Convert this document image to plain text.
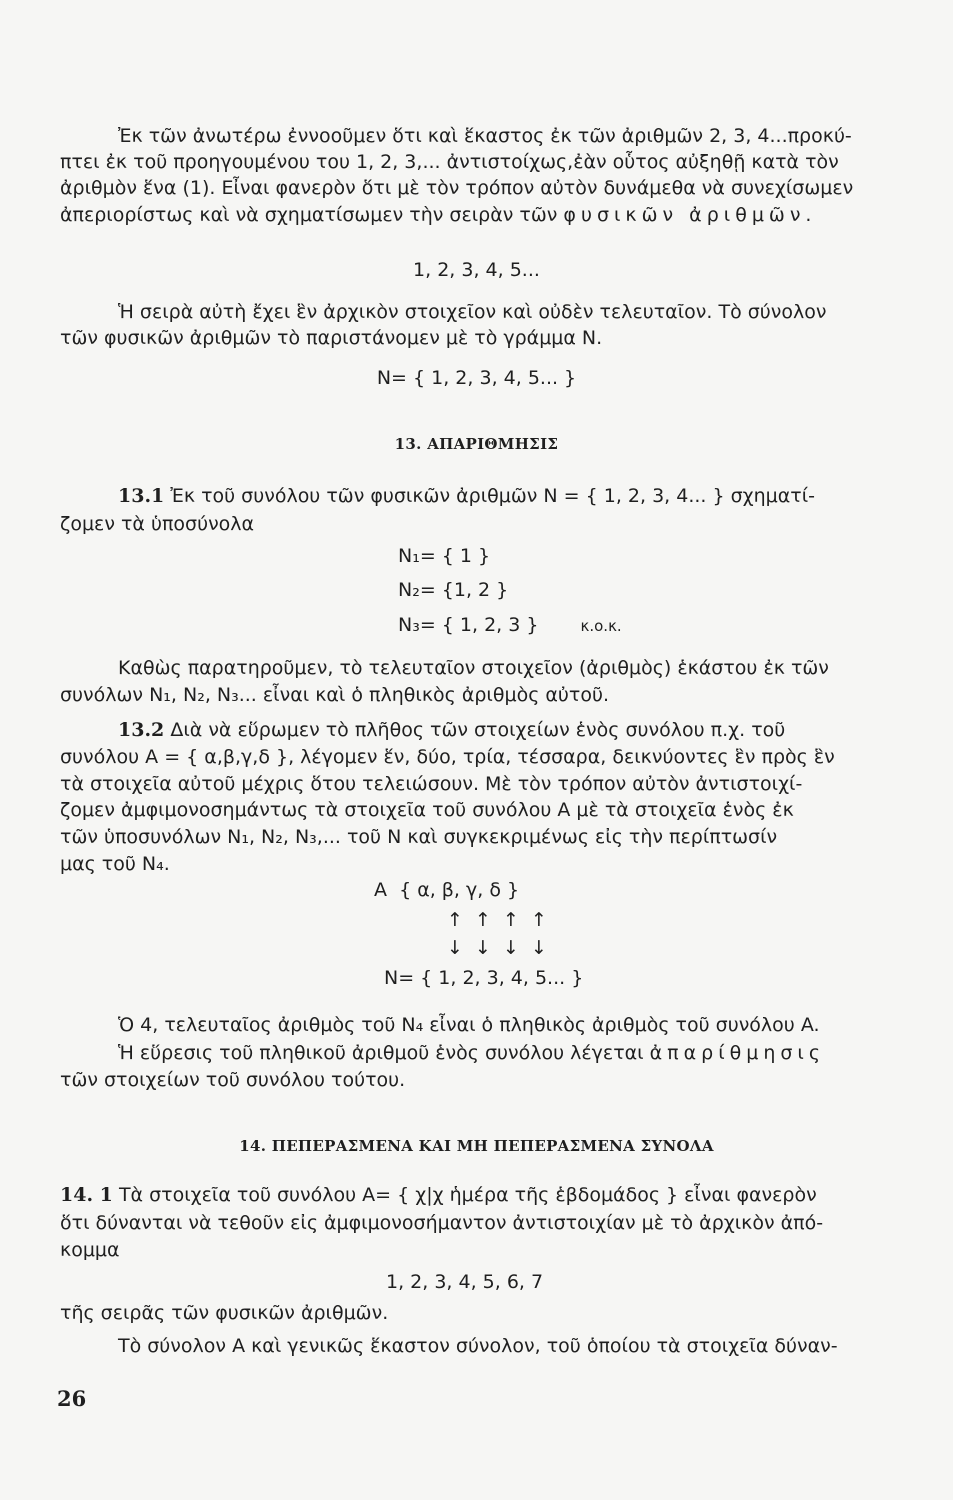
Ἐκ τῶν ἀνωτέρω ἐννοοῦμεν ὅτι καὶ ἕκαστος ἐκ τῶν ἀριθμῶν 2, 3, 4...προκύ-
πτει ἐκ τοῦ προηγουμένου του 1, 2, 3,... ἀντιστοίχως,ἐὰν οὗτος αὐξηθῇ κατὰ τὸν
ἀριθμὸν ἕνα (1). Εἶναι φανερὸν ὅτι μὲ τὸν τρόπον αὐτὸν δυνάμεθα νὰ συνεχίσωμεν
ἀπεριορίστως καὶ νὰ σχηματίσωμεν τὴν σειρὰν τῶν φυσικῶν ἀριθμῶν.
1, 2, 3, 4, 5...
Ἡ σειρὰ αὐτὴ ἔχει ἓν ἀρχικὸν στοιχεῖον καὶ οὐδὲν τελευταῖον. Τὸ σύνολον
τῶν φυσικῶν ἀριθμῶν τὸ παριστάνομεν μὲ τὸ γράμμα Ν.
N= { 1, 2, 3, 4, 5... }
13. ΑΠΑΡΙΘΜΗΣΙΣ
13.1 Ἐκ τοῦ συνόλου τῶν φυσικῶν ἀριθμῶν N = { 1, 2, 3, 4... } σχηματί-
ζομεν τὰ ὑποσύνολα
N₁= { 1 }
N₂= {1, 2 }
N₃= { 1, 2, 3 }	κ.ο.κ.
Καθὼς παρατηροῦμεν, τὸ τελευταῖον στοιχεῖον (ἀριθμὸς) ἑκάστου ἐκ τῶν
συνόλων N₁, N₂, N₃... εἶναι καὶ ὁ πληθικὸς ἀριθμὸς αὐτοῦ.
13.2 Διὰ νὰ εὕρωμεν τὸ πλῆθος τῶν στοιχείων ἑνὸς συνόλου π.χ. τοῦ
συνόλου A = { α,β,γ,δ }, λέγομεν ἕν, δύο, τρία, τέσσαρα, δεικνύοντες ἓν πρὸς ἓν
τὰ στοιχεῖα αὐτοῦ μέχρις ὅτου τελειώσουν. Μὲ τὸν τρόπον αὐτὸν ἀντιστοιχί-
ζομεν ἀμφιμονοσημάντως τὰ στοιχεῖα τοῦ συνόλου A μὲ τὰ στοιχεῖα ἑνὸς ἐκ
τῶν ὑποσυνόλων N₁, N₂, N₃,... τοῦ N καὶ συγκεκριμένως εἰς τὴν περίπτωσίν
μας τοῦ N₄.
A  { α, β, γ, δ }
↑  ↑  ↑  ↑
↓  ↓  ↓  ↓
N= { 1, 2, 3, 4, 5... }
Ὁ 4, τελευταῖος ἀριθμὸς τοῦ N₄ εἶναι ὁ πληθικὸς ἀριθμὸς τοῦ συνόλου A.
Ἡ εὕρεσις τοῦ πληθικοῦ ἀριθμοῦ ἑνὸς συνόλου λέγεται ἀπαρίθμησις
τῶν στοιχείων τοῦ συνόλου τούτου.
14. ΠΕΠΕΡΑΣΜΕΝΑ ΚΑΙ ΜΗ ΠΕΠΕΡΑΣΜΕΝΑ ΣΥΝΟΛΑ
14. 1 Τὰ στοιχεῖα τοῦ συνόλου A= { χ|χ ἡμέρα τῆς ἑβδομάδος } εἶναι φανερὸν
ὅτι δύνανται νὰ τεθοῦν εἰς ἀμφιμονοσήμαντον ἀντιστοιχίαν μὲ τὸ ἀρχικὸν ἀπό-
κομμα
1, 2, 3, 4, 5, 6, 7
τῆς σειρᾶς τῶν φυσικῶν ἀριθμῶν.
Τὸ σύνολον A καὶ γενικῶς ἕκαστον σύνολον, τοῦ ὁποίου τὰ στοιχεῖα δύναν-
26
